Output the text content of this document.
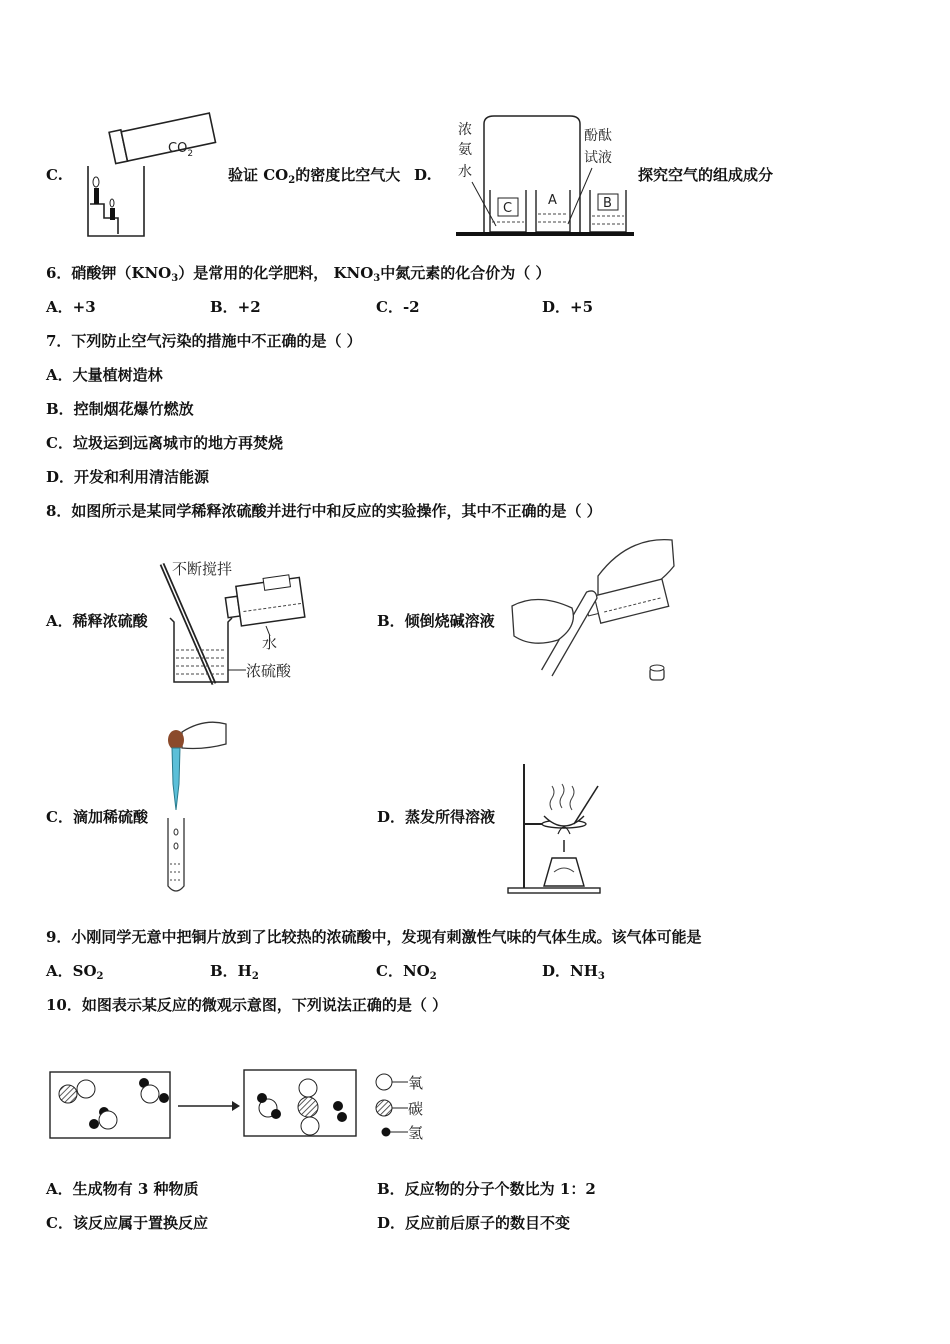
C.
$CO_2$
验证 $CO_2$的密度比空气大 D.
浓
氨
水
酚酞
试液
C
A	B
探究空气的组成成分
6．硝酸钾$(KNO_3)$是常用的化学肥料， $KNO_3$中氮元素的化合价为（ ）
A．+3	B．+2	C．-2	D．+5
7．下列防止空气污染的措施中不正确的是（ ）
A．大量植树造林
B．控制烟花爆竹燃放
C．垃圾运到远离城市的地方再焚烧
D．开发和利用清洁能源
8．如图所示是某同学稀释浓硫酸并进行中和反应的实验操作，其中不正确的是（ ）
A．稀释浓硫酸
不断搅拌
水
浓硫酸
B．倾倒烧碱溶液
C．滴加稀硫酸	D．蒸发所得溶液
9．小刚同学无意中把铜片放到了比较热的浓硫酸中，发现有刺激性气味的气体生成。该气体可能是
A．$SO_2$	B．$H_2$	C．$NO_2$	D．$NH_3$
10．如图表示某反应的微观示意图，下列说法正确的是（ ）
氧
碳
氢
A．生成物有 3 种物质	B．反应物的分子个数比为 1：2
C．该反应属于置换反应	D．反应前后原子的数目不变
